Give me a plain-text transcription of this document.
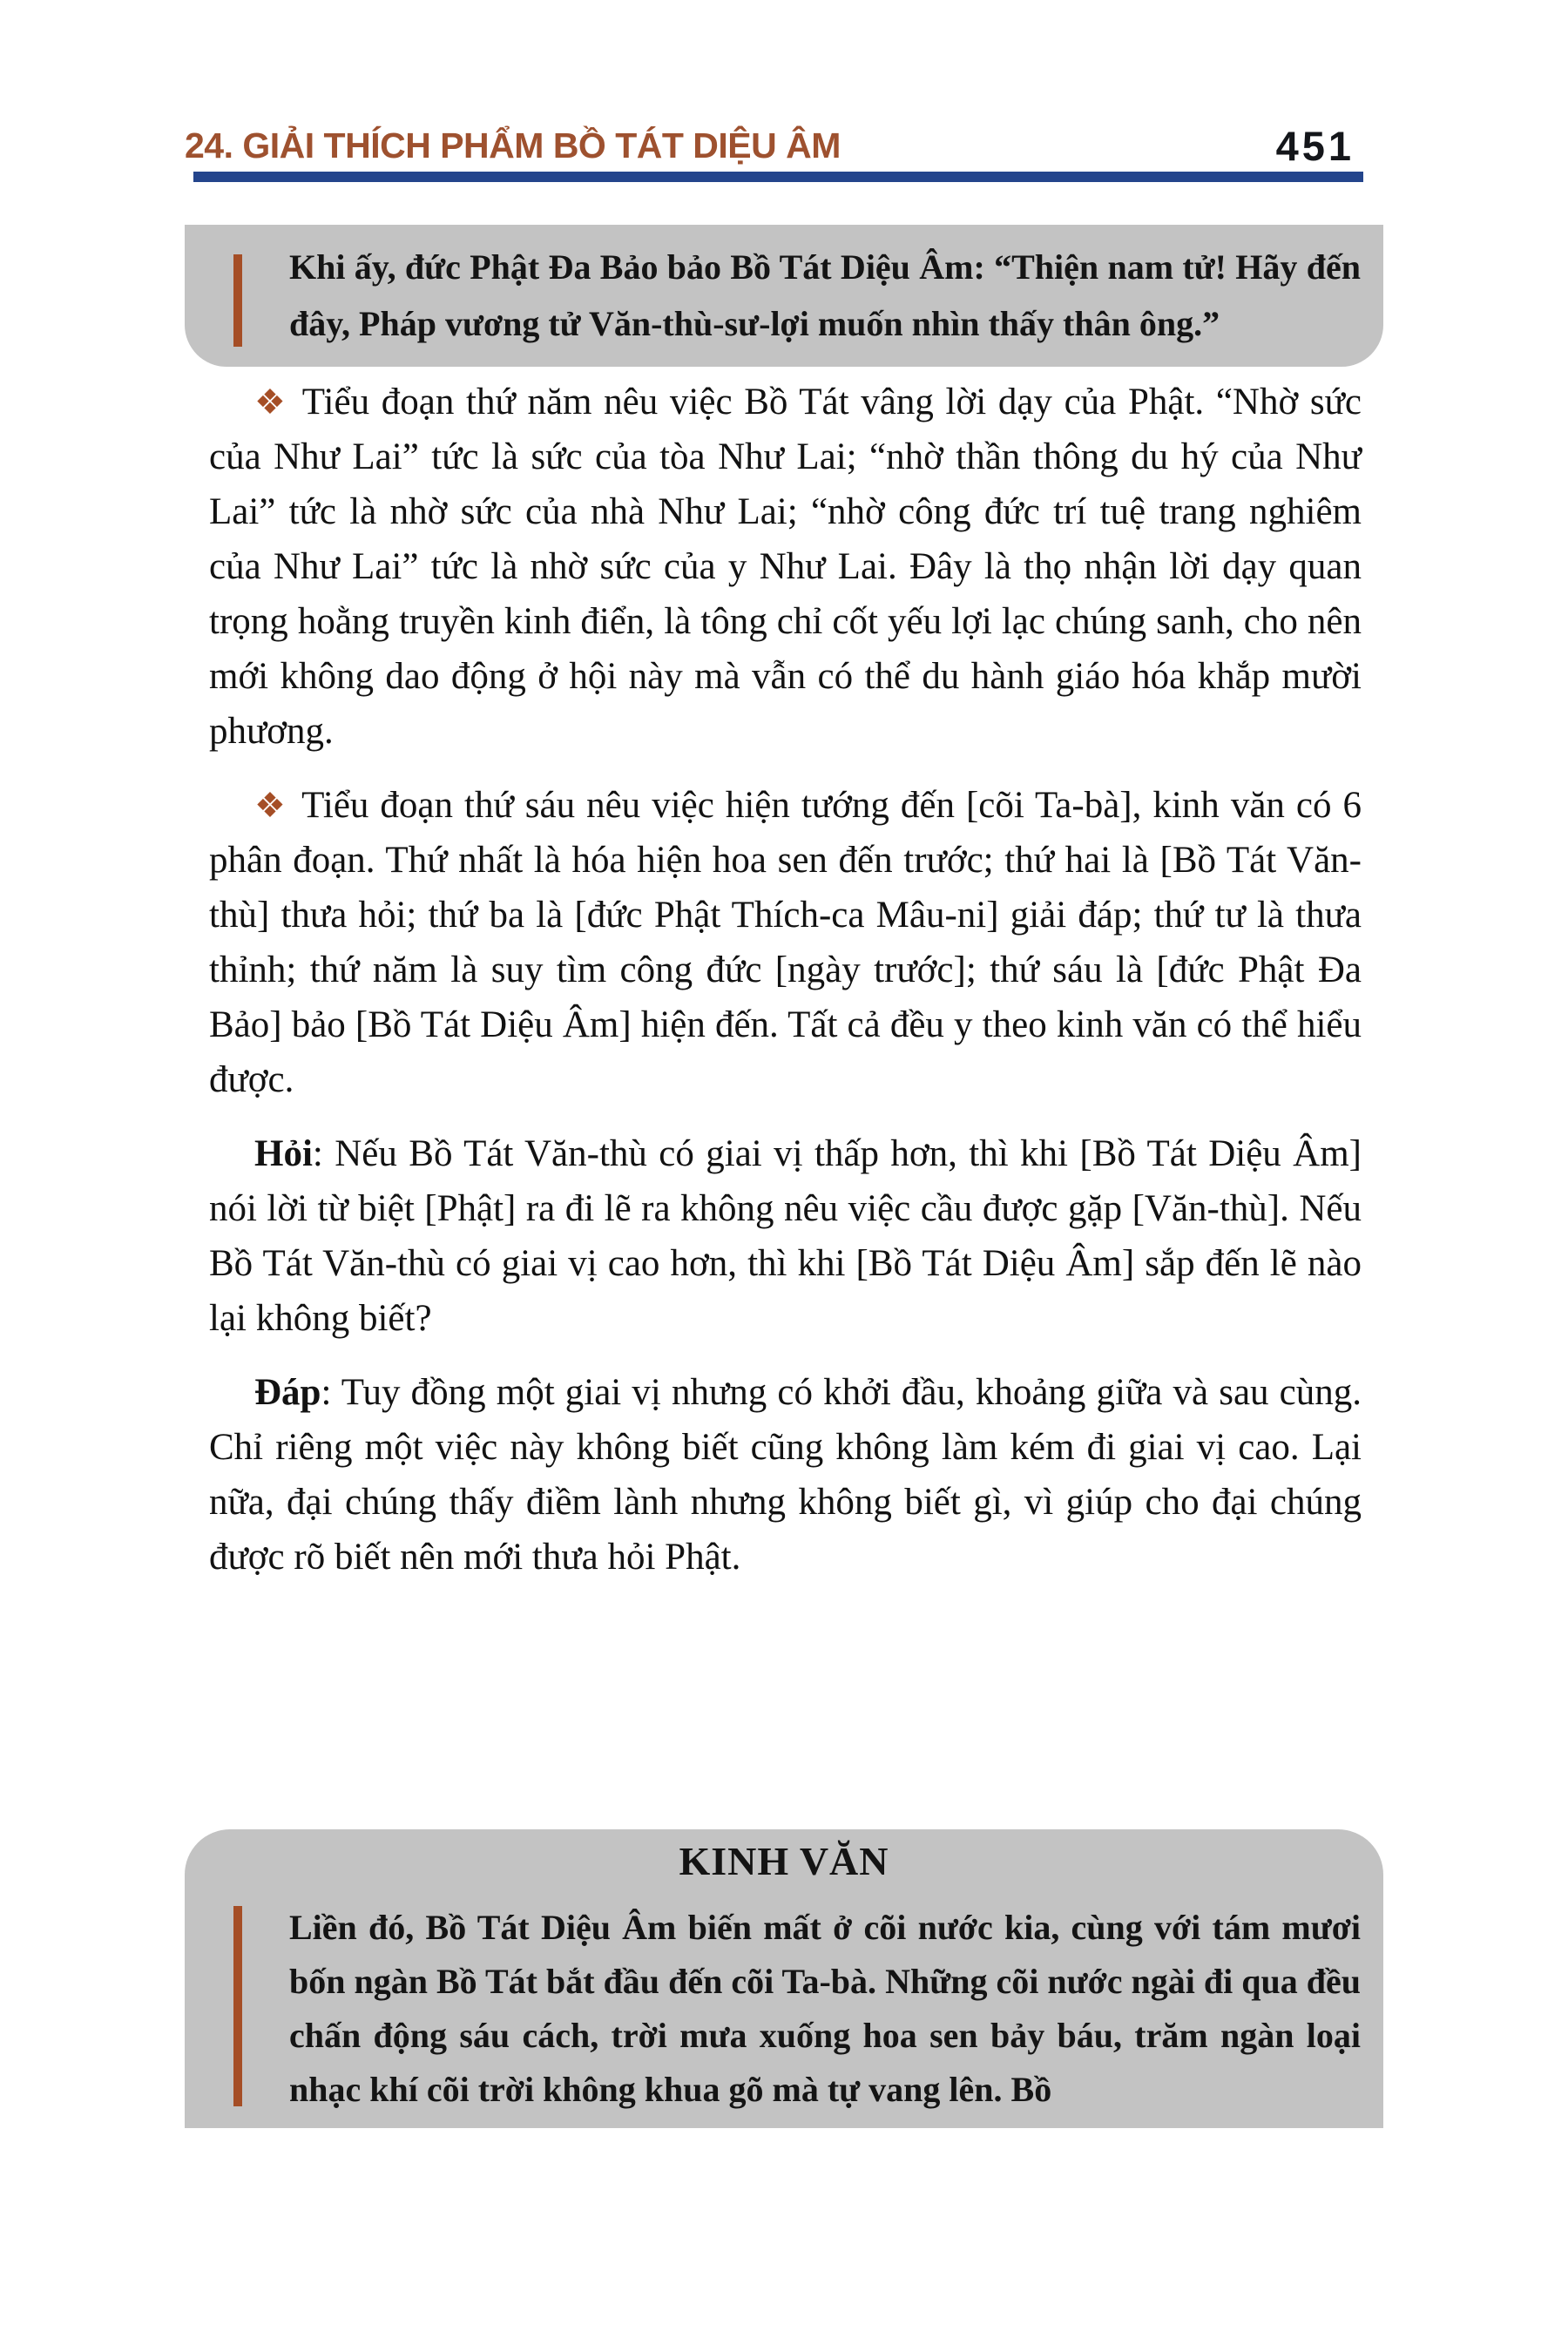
24. GIẢI THÍCH PHẨM BỒ TÁT DIỆU ÂM	451
Khi ấy, đức Phật Đa Bảo bảo Bồ Tát Diệu Âm: “Thiện nam tử! Hãy đến đây, Pháp vương tử Văn-thù-sư-lợi muốn nhìn thấy thân ông.”

❖ Tiểu đoạn thứ năm nêu việc Bồ Tát vâng lời dạy của Phật. “Nhờ sức của Như Lai” tức là sức của tòa Như Lai; “nhờ thần thông du hý của Như Lai” tức là nhờ sức của nhà Như Lai; “nhờ công đức trí tuệ trang nghiêm của Như Lai” tức là nhờ sức của y Như Lai. Đây là thọ nhận lời dạy quan trọng hoằng truyền kinh điển, là tông chỉ cốt yếu lợi lạc chúng sanh, cho nên mới không dao động ở hội này mà vẫn có thể du hành giáo hóa khắp mười phương.

❖ Tiểu đoạn thứ sáu nêu việc hiện tướng đến [cõi Ta-bà], kinh văn có 6 phân đoạn. Thứ nhất là hóa hiện hoa sen đến trước; thứ hai là [Bồ Tát Văn-thù] thưa hỏi; thứ ba là [đức Phật Thích-ca Mâu-ni] giải đáp; thứ tư là thưa thỉnh; thứ năm là suy tìm công đức [ngày trước]; thứ sáu là [đức Phật Đa Bảo] bảo [Bồ Tát Diệu Âm] hiện đến. Tất cả đều y theo kinh văn có thể hiểu được.

Hỏi: Nếu Bồ Tát Văn-thù có giai vị thấp hơn, thì khi [Bồ Tát Diệu Âm] nói lời từ biệt [Phật] ra đi lẽ ra không nêu việc cầu được gặp [Văn-thù]. Nếu Bồ Tát Văn-thù có giai vị cao hơn, thì khi [Bồ Tát Diệu Âm] sắp đến lẽ nào lại không biết?

Đáp: Tuy đồng một giai vị nhưng có khởi đầu, khoảng giữa và sau cùng. Chỉ riêng một việc này không biết cũng không làm kém đi giai vị cao. Lại nữa, đại chúng thấy điềm lành nhưng không biết gì, vì giúp cho đại chúng được rõ biết nên mới thưa hỏi Phật.

KINH VĂN
Liền đó, Bồ Tát Diệu Âm biến mất ở cõi nước kia, cùng với tám mươi bốn ngàn Bồ Tát bắt đầu đến cõi Ta-bà. Những cõi nước ngài đi qua đều chấn động sáu cách, trời mưa xuống hoa sen bảy báu, trăm ngàn loại nhạc khí cõi trời không khua gõ mà tự vang lên. Bồ
